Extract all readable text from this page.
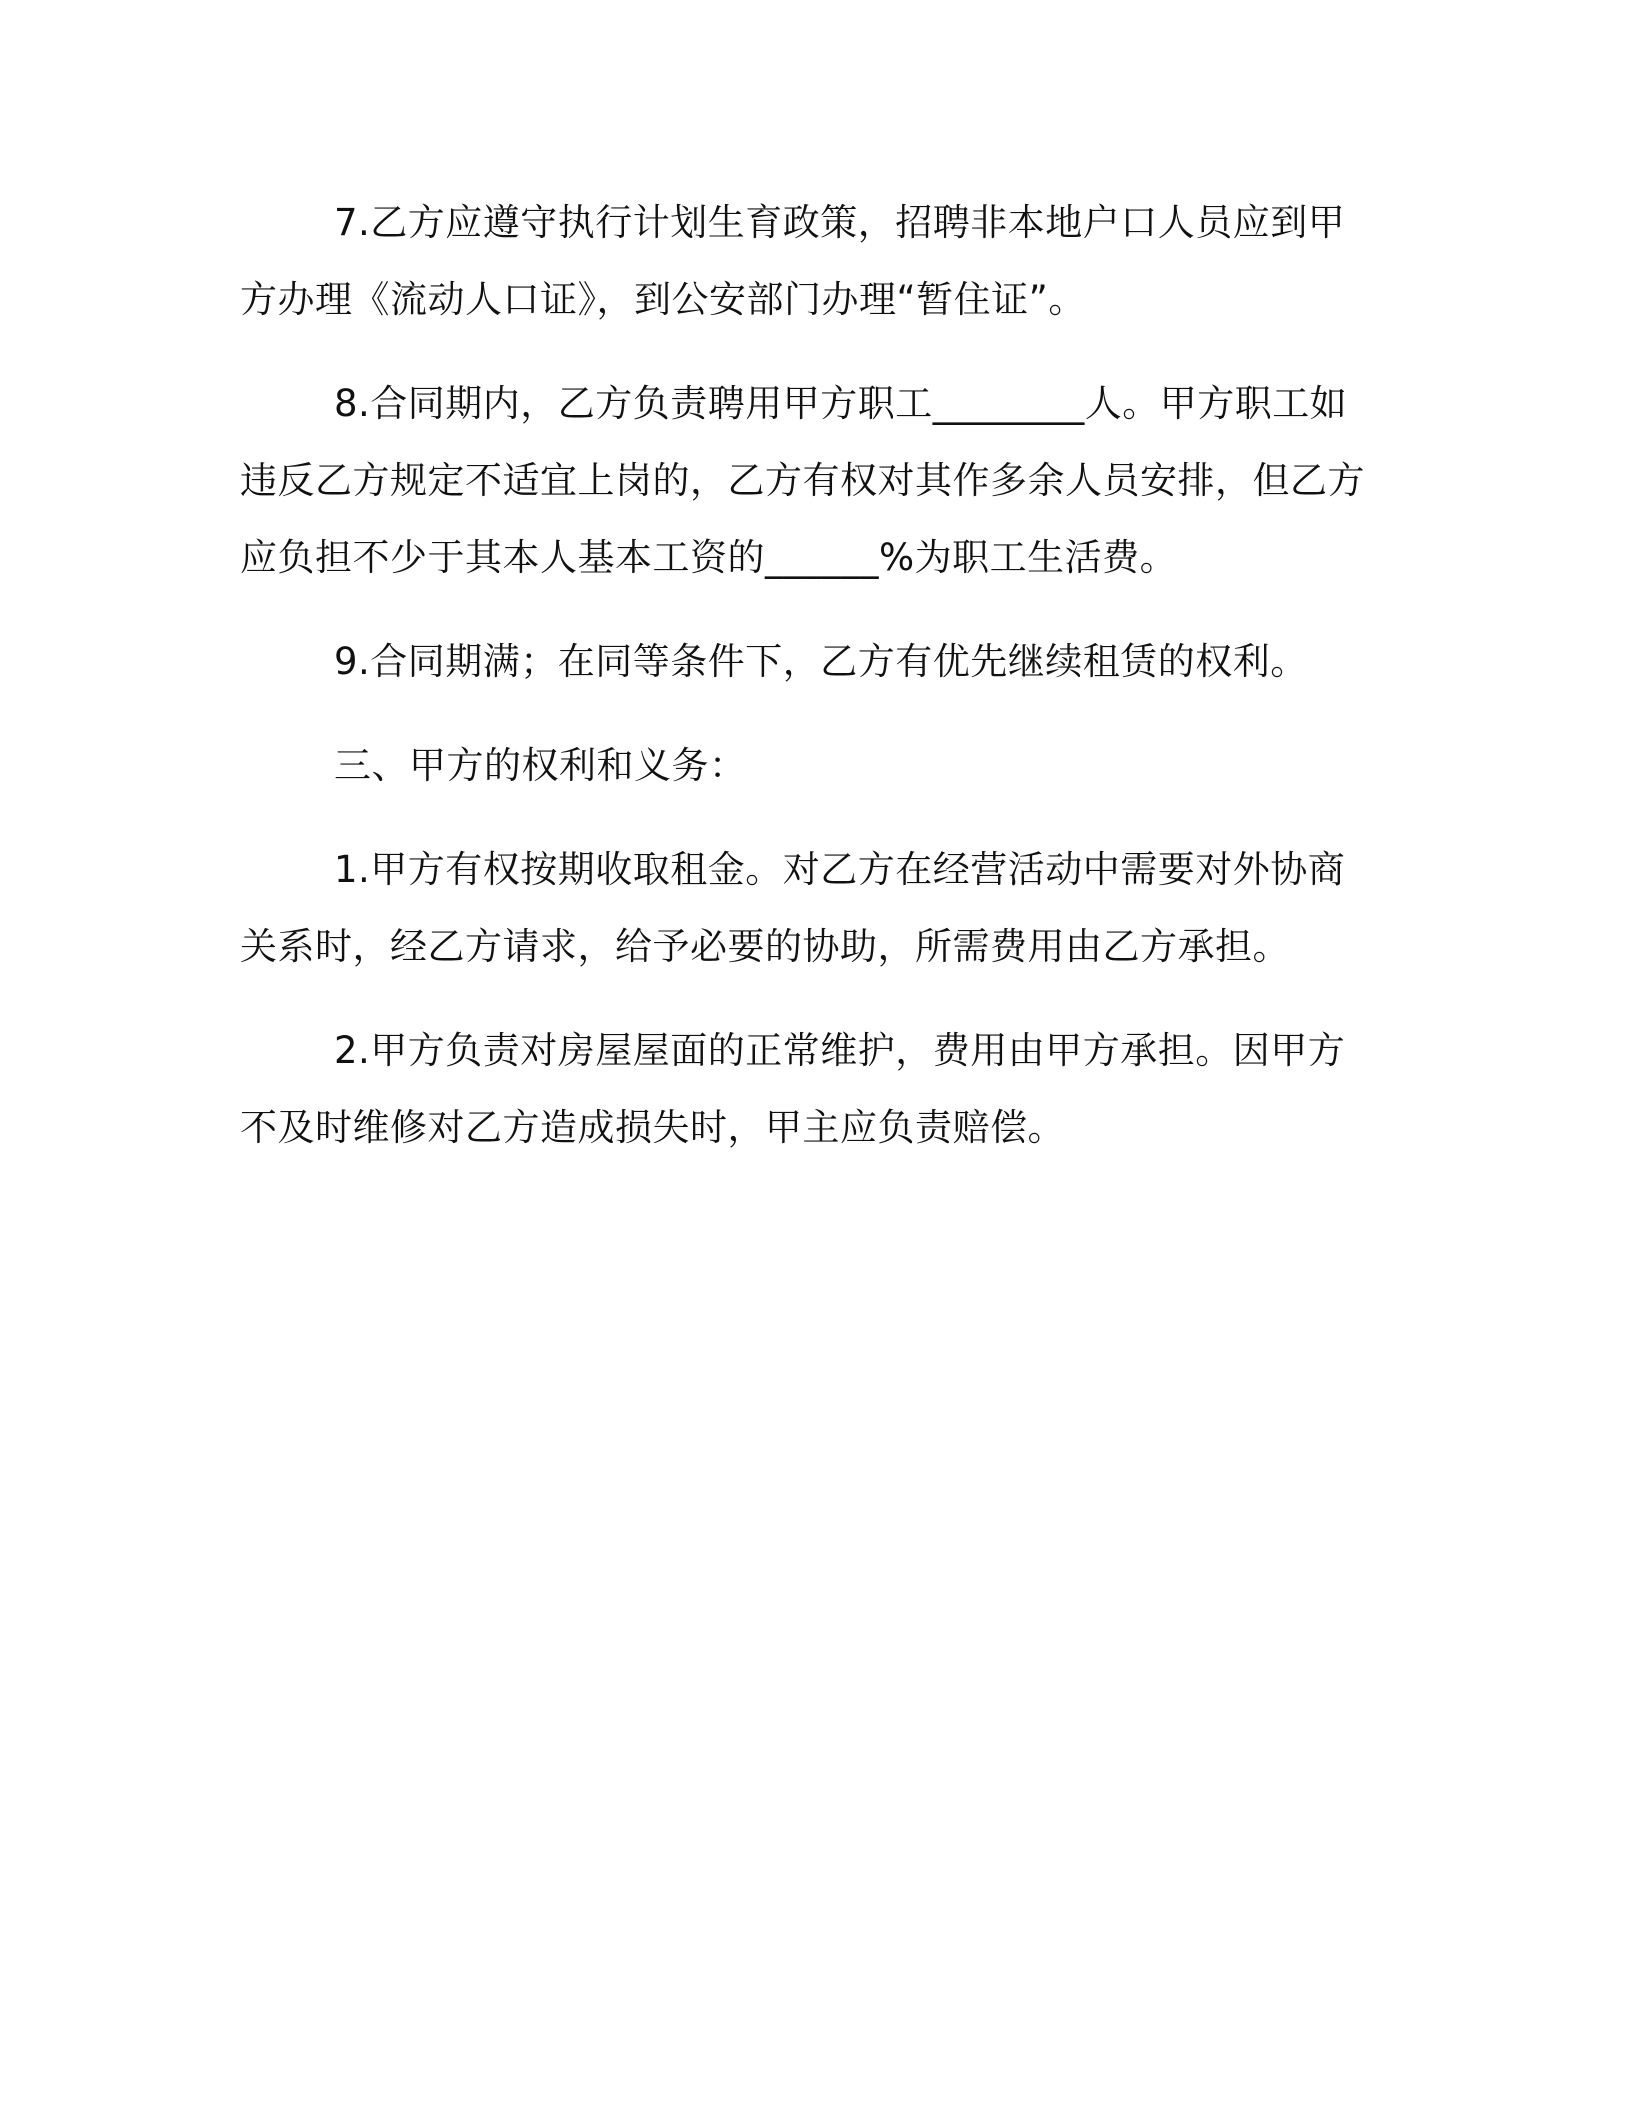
7.乙方应遵守执行计划生育政策，招聘非本地户口人员应到甲方办理《流动人口证》，到公安部门办理“暂住证”。

8.合同期内，乙方负责聘用甲方职工________人。甲方职工如违反乙方规定不适宜上岗的，乙方有权对其作多余人员安排，但乙方应负担不少于其本人基本工资的______%为职工生活费。

9.合同期满；在同等条件下，乙方有优先继续租赁的权利。

三、甲方的权利和义务：

1.甲方有权按期收取租金。对乙方在经营活动中需要对外协商关系时，经乙方请求，给予必要的协助，所需费用由乙方承担。

2.甲方负责对房屋屋面的正常维护，费用由甲方承担。因甲方不及时维修对乙方造成损失时，甲主应负责赔偿。
